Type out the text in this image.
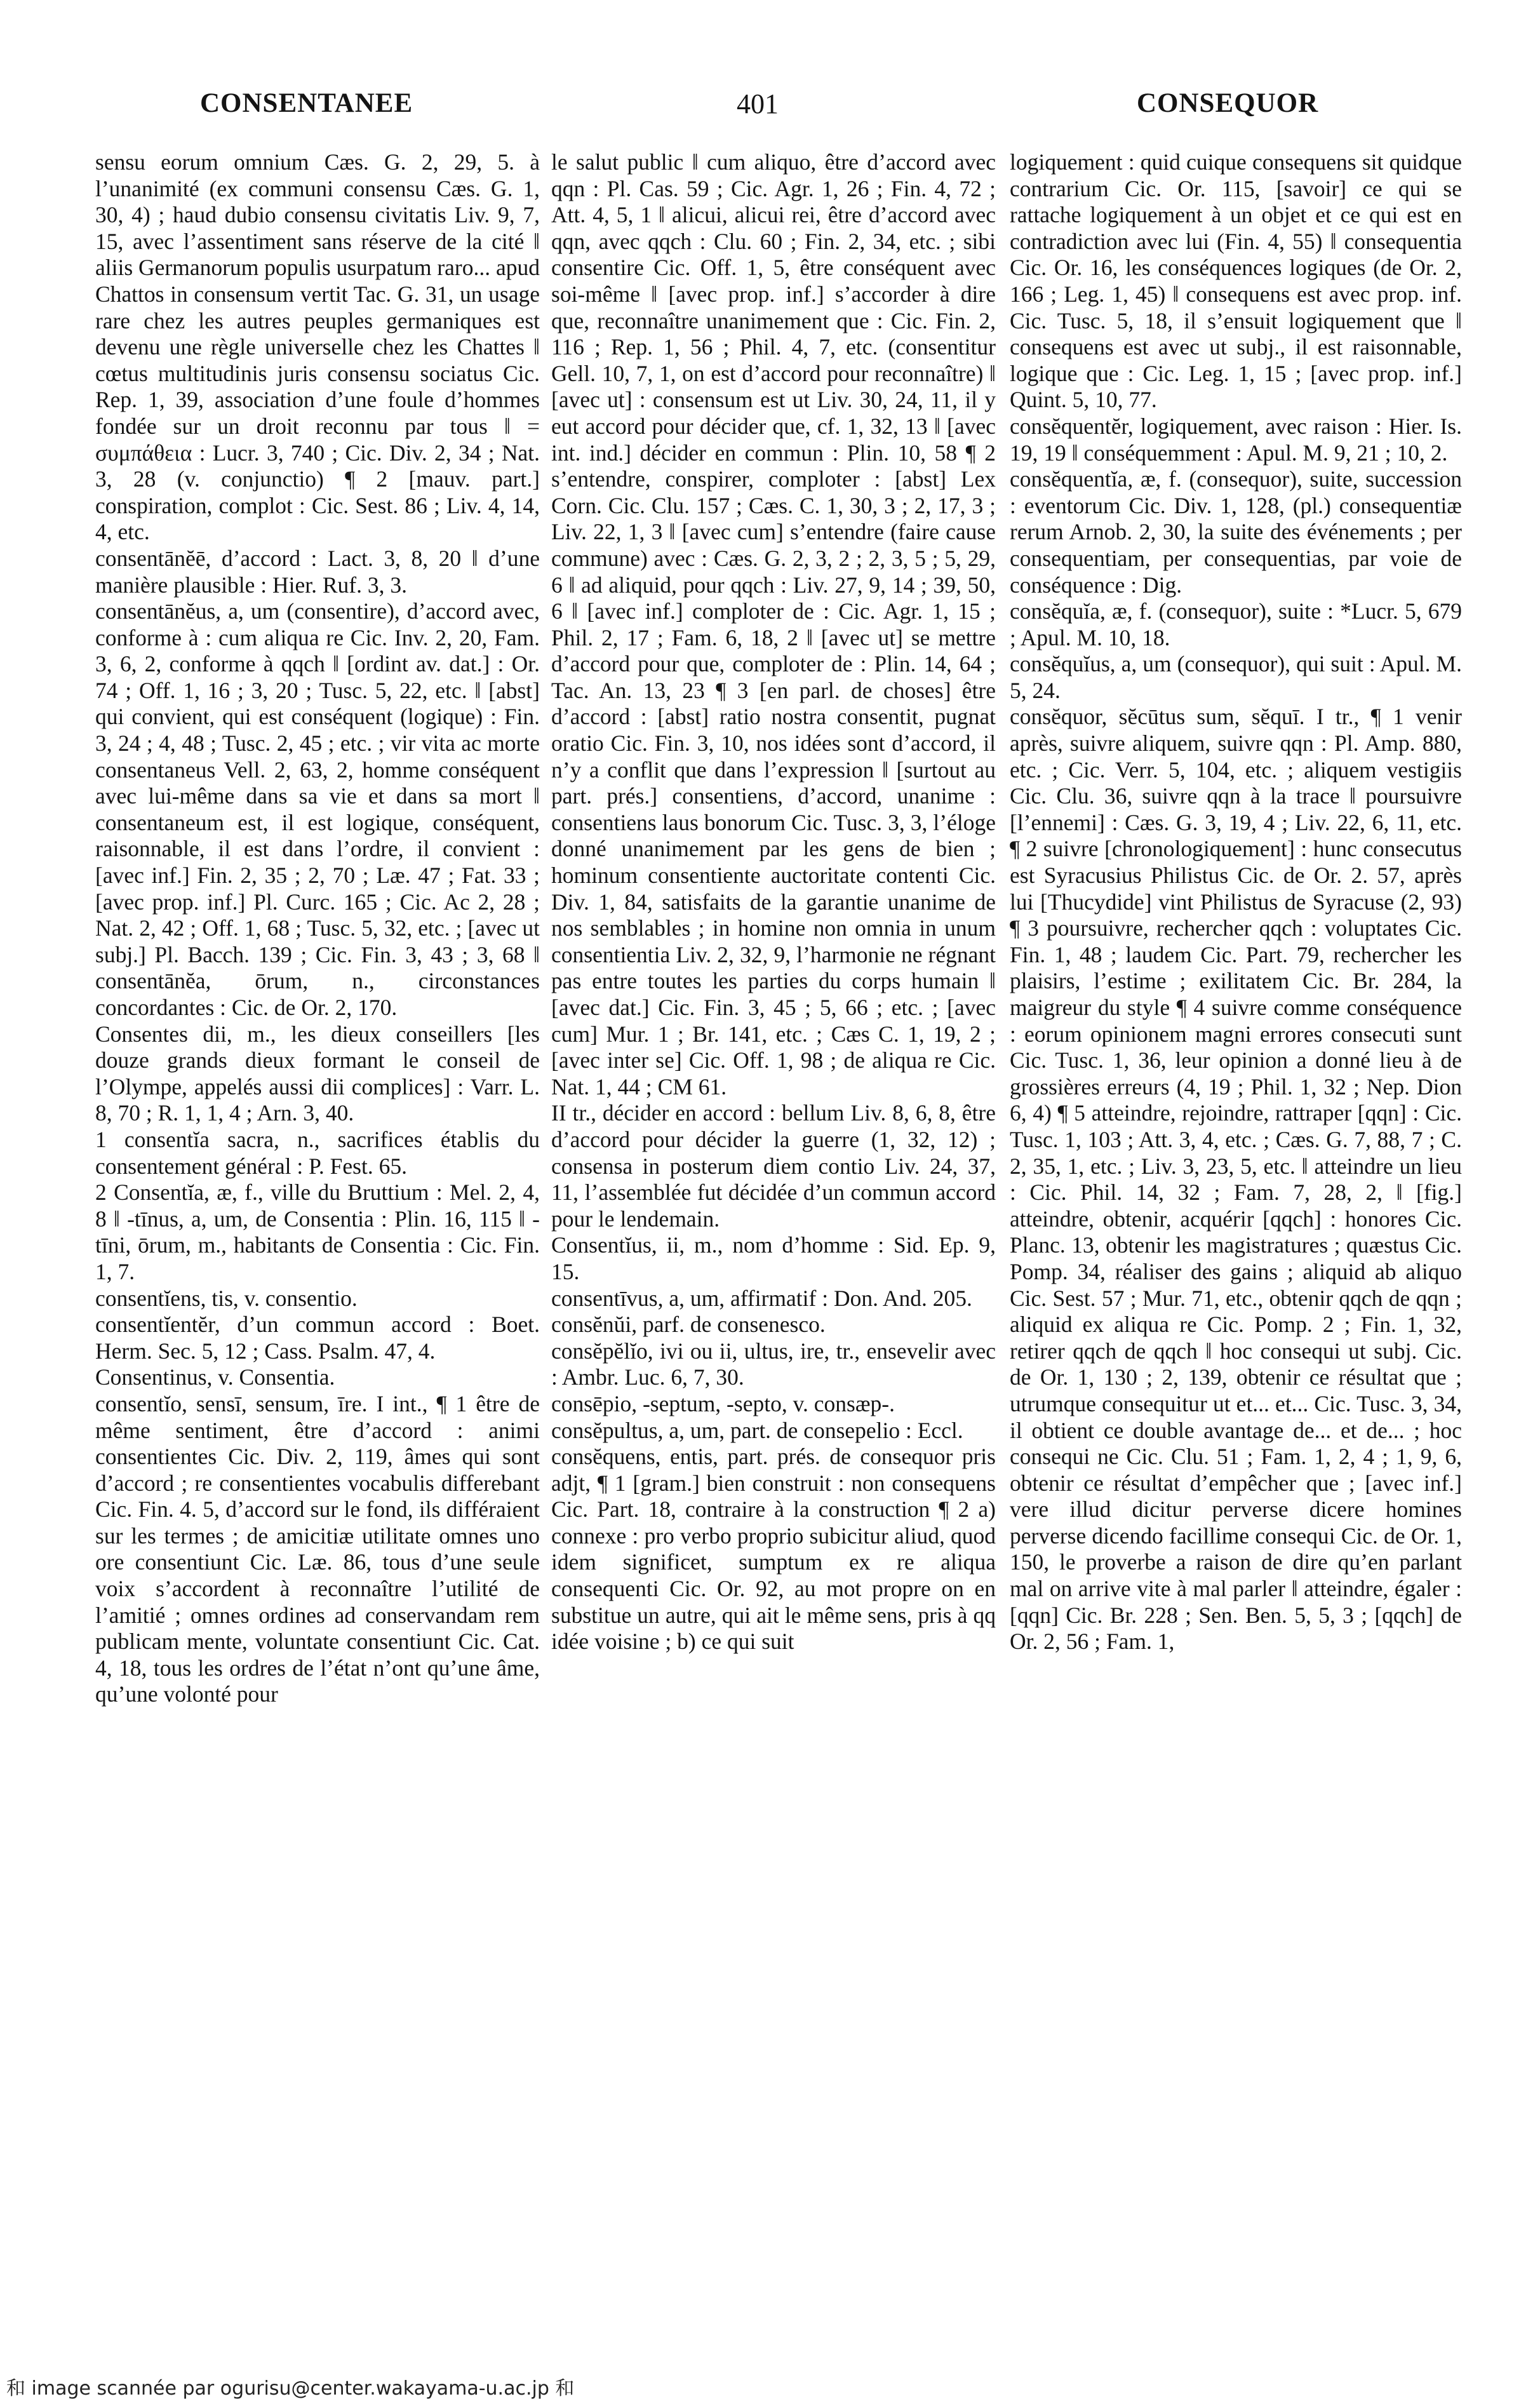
CONSENTANEE	401	CONSEQUOR

sensu eorum omnium Cæs. G. 2, 29, 5. à l’unanimité (ex communi consensu Cæs. G. 1, 30, 4) ; haud dubio consensu civitatis Liv. 9, 7, 15, avec l’assentiment sans réserve de la cité ‖ aliis Germanorum populis usurpatum raro... apud Chattos in consensum vertit Tac. G. 31, un usage rare chez les autres peuples germaniques est devenu une règle universelle chez les Chattes ‖ cœtus multitudinis juris consensu sociatus Cic. Rep. 1, 39, association d’une foule d’hommes fondée sur un droit reconnu par tous ‖ = συμπάθεια : Lucr. 3, 740 ; Cic. Div. 2, 34 ; Nat. 3, 28 (v. conjunctio) ¶ 2 [mauv. part.] conspiration, complot : Cic. Sest. 86 ; Liv. 4, 14, 4, etc.

consentānĕē, d’accord : Lact. 3, 8, 20 ‖ d’une manière plausible : Hier. Ruf. 3, 3.

consentānĕus, a, um (consentire), d’accord avec, conforme à : cum aliqua re Cic. Inv. 2, 20, Fam. 3, 6, 2, conforme à qqch ‖ [ordint av. dat.] : Or. 74 ; Off. 1, 16 ; 3, 20 ; Tusc. 5, 22, etc. ‖ [abst] qui convient, qui est conséquent (logique) : Fin. 3, 24 ; 4, 48 ; Tusc. 2, 45 ; etc. ; vir vita ac morte consentaneus Vell. 2, 63, 2, homme conséquent avec lui-même dans sa vie et dans sa mort ‖ consentaneum est, il est logique, conséquent, raisonnable, il est dans l’ordre, il convient : [avec inf.] Fin. 2, 35 ; 2, 70 ; Læ. 47 ; Fat. 33 ; [avec prop. inf.] Pl. Curc. 165 ; Cic. Ac 2, 28 ; Nat. 2, 42 ; Off. 1, 68 ; Tusc. 5, 32, etc. ; [avec ut subj.] Pl. Bacch. 139 ; Cic. Fin. 3, 43 ; 3, 68 ‖ consentānĕa, ōrum, n., circonstances concordantes : Cic. de Or. 2, 170.

Consentes dii, m., les dieux conseillers [les douze grands dieux formant le conseil de l’Olympe, appelés aussi dii complices] : Varr. L. 8, 70 ; R. 1, 1, 4 ; Arn. 3, 40.

1 consentĭa sacra, n., sacrifices établis du consentement général : P. Fest. 65.

2 Consentĭa, æ, f., ville du Bruttium : Mel. 2, 4, 8 ‖ -tīnus, a, um, de Consentia : Plin. 16, 115 ‖ -tīni, ōrum, m., habitants de Consentia : Cic. Fin. 1, 7.

consentĭens, tis, v. consentio.

consentĭentĕr, d’un commun accord : Boet. Herm. Sec. 5, 12 ; Cass. Psalm. 47, 4.

Consentinus, v. Consentia.

consentĭo, sensī, sensum, īre. I int., ¶ 1 être de même sentiment, être d’accord : animi consentientes Cic. Div. 2, 119, âmes qui sont d’accord ; re consentientes vocabulis differebant Cic. Fin. 4. 5, d’accord sur le fond, ils différaient sur les termes ; de amicitiæ utilitate omnes uno ore consentiunt Cic. Læ. 86, tous d’une seule voix s’accordent à reconnaître l’utilité de l’amitié ; omnes ordines ad conservandam rem publicam mente, voluntate consentiunt Cic. Cat. 4, 18, tous les ordres de l’état n’ont qu’une âme, qu’une volonté pour

le salut public ‖ cum aliquo, être d’accord avec qqn : Pl. Cas. 59 ; Cic. Agr. 1, 26 ; Fin. 4, 72 ; Att. 4, 5, 1 ‖ alicui, alicui rei, être d’accord avec qqn, avec qqch : Clu. 60 ; Fin. 2, 34, etc. ; sibi consentire Cic. Off. 1, 5, être conséquent avec soi-même ‖ [avec prop. inf.] s’accorder à dire que, reconnaître unanimement que : Cic. Fin. 2, 116 ; Rep. 1, 56 ; Phil. 4, 7, etc. (consentitur Gell. 10, 7, 1, on est d’accord pour reconnaître) ‖ [avec ut] : consensum est ut Liv. 30, 24, 11, il y eut accord pour décider que, cf. 1, 32, 13 ‖ [avec int. ind.] décider en commun : Plin. 10, 58 ¶ 2 s’entendre, conspirer, comploter : [abst] Lex Corn. Cic. Clu. 157 ; Cæs. C. 1, 30, 3 ; 2, 17, 3 ; Liv. 22, 1, 3 ‖ [avec cum] s’entendre (faire cause commune) avec : Cæs. G. 2, 3, 2 ; 2, 3, 5 ; 5, 29, 6 ‖ ad aliquid, pour qqch : Liv. 27, 9, 14 ; 39, 50, 6 ‖ [avec inf.] comploter de : Cic. Agr. 1, 15 ; Phil. 2, 17 ; Fam. 6, 18, 2 ‖ [avec ut] se mettre d’accord pour que, comploter de : Plin. 14, 64 ; Tac. An. 13, 23 ¶ 3 [en parl. de choses] être d’accord : [abst] ratio nostra consentit, pugnat oratio Cic. Fin. 3, 10, nos idées sont d’accord, il n’y a conflit que dans l’expression ‖ [surtout au part. prés.] consentiens, d’accord, unanime : consentiens laus bonorum Cic. Tusc. 3, 3, l’éloge donné unanimement par les gens de bien ; hominum consentiente auctoritate contenti Cic. Div. 1, 84, satisfaits de la garantie unanime de nos semblables ; in homine non omnia in unum consentientia Liv. 2, 32, 9, l’harmonie ne régnant pas entre toutes les parties du corps humain ‖ [avec dat.] Cic. Fin. 3, 45 ; 5, 66 ; etc. ; [avec cum] Mur. 1 ; Br. 141, etc. ; Cæs C. 1, 19, 2 ; [avec inter se] Cic. Off. 1, 98 ; de aliqua re Cic. Nat. 1, 44 ; CM 61.

II tr., décider en accord : bellum Liv. 8, 6, 8, être d’accord pour décider la guerre (1, 32, 12) ; consensa in posterum diem contio Liv. 24, 37, 11, l’assemblée fut décidée d’un commun accord pour le lendemain.

Consentĭus, ii, m., nom d’homme : Sid. Ep. 9, 15.

consentīvus, a, um, affirmatif : Don. And. 205.

consĕnŭi, parf. de consenesco.

consĕpĕlĭo, ivi ou ii, ultus, ire, tr., ensevelir avec : Ambr. Luc. 6, 7, 30.

consēpio, -septum, -septo, v. consæp-.

consĕpultus, a, um, part. de consepelio : Eccl.

consĕquens, entis, part. prés. de consequor pris adjt, ¶ 1 [gram.] bien construit : non consequens Cic. Part. 18, contraire à la construction ¶ 2 a) connexe : pro verbo proprio subicitur aliud, quod idem significet, sumptum ex re aliqua consequenti Cic. Or. 92, au mot propre on en substitue un autre, qui ait le même sens, pris à qq idée voisine ; b) ce qui suit

logiquement : quid cuique consequens sit quidque contrarium Cic. Or. 115, [savoir] ce qui se rattache logiquement à un objet et ce qui est en contradiction avec lui (Fin. 4, 55) ‖ consequentia Cic. Or. 16, les conséquences logiques (de Or. 2, 166 ; Leg. 1, 45) ‖ consequens est avec prop. inf. Cic. Tusc. 5, 18, il s’ensuit logiquement que ‖ consequens est avec ut subj., il est raisonnable, logique que : Cic. Leg. 1, 15 ; [avec prop. inf.] Quint. 5, 10, 77.

consĕquentĕr, logiquement, avec raison : Hier. Is. 19, 19 ‖ conséquemment : Apul. M. 9, 21 ; 10, 2.

consĕquentĭa, æ, f. (consequor), suite, succession : eventorum Cic. Div. 1, 128, (pl.) consequentiæ rerum Arnob. 2, 30, la suite des événements ; per consequentiam, per consequentias, par voie de conséquence : Dig.

consĕquĭa, æ, f. (consequor), suite : *Lucr. 5, 679 ; Apul. M. 10, 18.

consĕquĭus, a, um (consequor), qui suit : Apul. M. 5, 24.

consĕquor, sĕcūtus sum, sĕquī. I tr., ¶ 1 venir après, suivre aliquem, suivre qqn : Pl. Amp. 880, etc. ; Cic. Verr. 5, 104, etc. ; aliquem vestigiis Cic. Clu. 36, suivre qqn à la trace ‖ poursuivre [l’ennemi] : Cæs. G. 3, 19, 4 ; Liv. 22, 6, 11, etc. ¶ 2 suivre [chronologiquement] : hunc consecutus est Syracusius Philistus Cic. de Or. 2. 57, après lui [Thucydide] vint Philistus de Syracuse (2, 93) ¶ 3 poursuivre, rechercher qqch : voluptates Cic. Fin. 1, 48 ; laudem Cic. Part. 79, rechercher les plaisirs, l’estime ; exilitatem Cic. Br. 284, la maigreur du style ¶ 4 suivre comme conséquence : eorum opinionem magni errores consecuti sunt Cic. Tusc. 1, 36, leur opinion a donné lieu à de grossières erreurs (4, 19 ; Phil. 1, 32 ; Nep. Dion 6, 4) ¶ 5 atteindre, rejoindre, rattraper [qqn] : Cic. Tusc. 1, 103 ; Att. 3, 4, etc. ; Cæs. G. 7, 88, 7 ; C. 2, 35, 1, etc. ; Liv. 3, 23, 5, etc. ‖ atteindre un lieu : Cic. Phil. 14, 32 ; Fam. 7, 28, 2, ‖ [fig.] atteindre, obtenir, acquérir [qqch] : honores Cic. Planc. 13, obtenir les magistratures ; quæstus Cic. Pomp. 34, réaliser des gains ; aliquid ab aliquo Cic. Sest. 57 ; Mur. 71, etc., obtenir qqch de qqn ; aliquid ex aliqua re Cic. Pomp. 2 ; Fin. 1, 32, retirer qqch de qqch ‖ hoc consequi ut subj. Cic. de Or. 1, 130 ; 2, 139, obtenir ce résultat que ; utrumque consequitur ut et... et... Cic. Tusc. 3, 34, il obtient ce double avantage de... et de... ; hoc consequi ne Cic. Clu. 51 ; Fam. 1, 2, 4 ; 1, 9, 6, obtenir ce résultat d’empêcher que ; [avec inf.] vere illud dicitur perverse dicere homines perverse dicendo facillime consequi Cic. de Or. 1, 150, le proverbe a raison de dire qu’en parlant mal on arrive vite à mal parler ‖ atteindre, égaler : [qqn] Cic. Br. 228 ; Sen. Ben. 5, 5, 3 ; [qqch] de Or. 2, 56 ; Fam. 1,

和 image scannée par ogurisu@center.wakayama-u.ac.jp 和
